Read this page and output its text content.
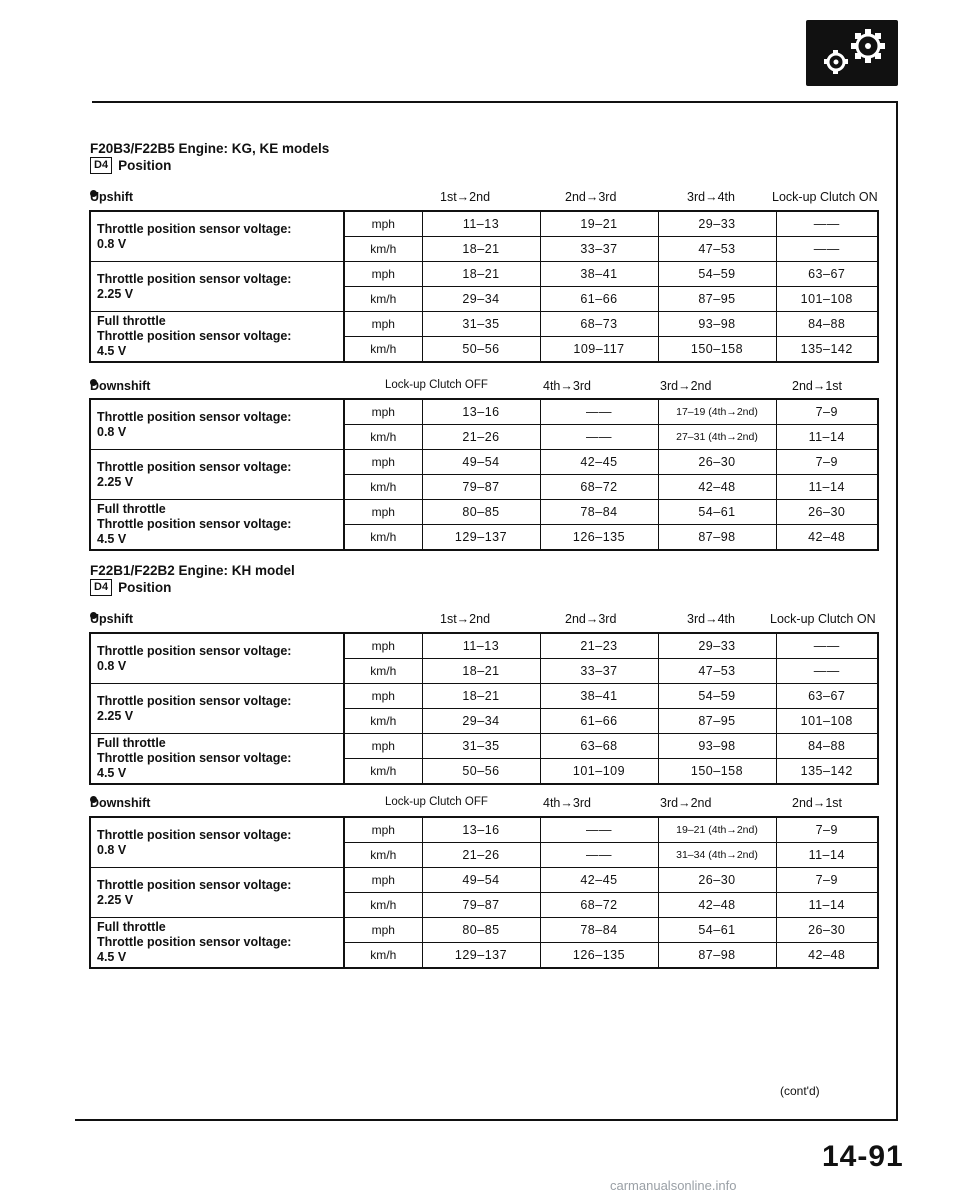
F20B3/F22B5 Engine: KG, KE models
D4 Position
Upshift	1st→2nd	2nd→3rd	3rd→4th	Lock-up Clutch ON
Throttle position sensor voltage:
0.8 V	mph	11–13	19–21	29–33	——
	km/h	18–21	33–37	47–53	——

Throttle position sensor voltage:
2.25 V	mph	18–21	38–41	54–59	63–67
	km/h	29–34	61–66	87–95	101–108

Full throttle
Throttle position sensor voltage:
4.5 V	mph	31–35	68–73	93–98	84–88
	km/h	50–56	109–117	150–158	135–142
Downshift	Lock-up Clutch OFF	4th→3rd	3rd→2nd	2nd→1st
Throttle position sensor voltage:
0.8 V	mph	13–16	——	17–19 (4th→2nd)	7–9
	km/h	21–26	——	27–31 (4th→2nd)	11–14

Throttle position sensor voltage:
2.25 V	mph	49–54	42–45	26–30	7–9
	km/h	79–87	68–72	42–48	11–14

Full throttle
Throttle position sensor voltage:
4.5 V	mph	80–85	78–84	54–61	26–30
	km/h	129–137	126–135	87–98	42–48
F22B1/F22B2 Engine: KH model
D4 Position
Upshift	1st→2nd	2nd→3rd	3rd→4th	Lock-up Clutch ON
Throttle position sensor voltage:
0.8 V	mph	11–13	21–23	29–33	——
	km/h	18–21	33–37	47–53	——

Throttle position sensor voltage:
2.25 V	mph	18–21	38–41	54–59	63–67
	km/h	29–34	61–66	87–95	101–108

Full throttle
Throttle position sensor voltage:
4.5 V	mph	31–35	63–68	93–98	84–88
	km/h	50–56	101–109	150–158	135–142
Downshift	Lock-up Clutch OFF	4th→3rd	3rd→2nd	2nd→1st
Throttle position sensor voltage:
0.8 V	mph	13–16	——	19–21 (4th→2nd)	7–9
	km/h	21–26	——	31–34 (4th→2nd)	11–14

Throttle position sensor voltage:
2.25 V	mph	49–54	42–45	26–30	7–9
	km/h	79–87	68–72	42–48	11–14

Full throttle
Throttle position sensor voltage:
4.5 V	mph	80–85	78–84	54–61	26–30
	km/h	129–137	126–135	87–98	42–48
(cont'd)
14-91
carmanualsonline.info
